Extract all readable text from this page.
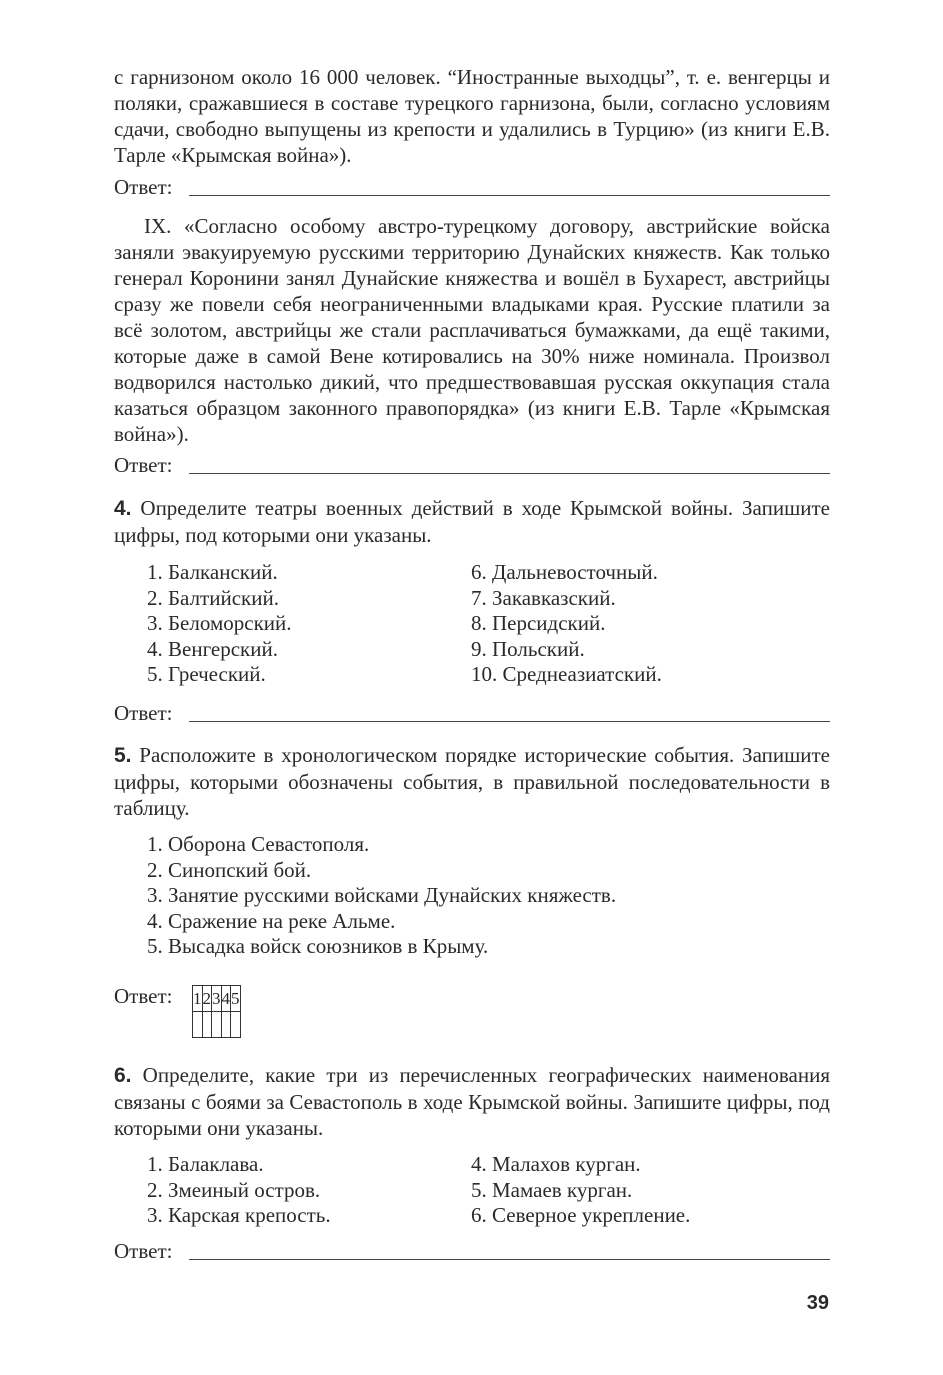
с гарнизоном около 16 000 человек. “Иностранные выходцы”, т. е. венгерцы и поляки, сражавшиеся в составе турецкого гарнизона, были, согласно условиям сдачи, свободно выпущены из крепости и удалились в Турцию» (из книги Е.В. Тарле «Крымская война»).

Ответ:

IX. «Согласно особому австро-турецкому договору, австрийские войска заняли эвакуируемую русскими территорию Дунайских княжеств. Как только генерал Коронини занял Дунайские княжества и вошёл в Бухарест, австрийцы сразу же повели себя неограниченными владыками края. Русские платили за всё золотом, австрийцы же стали расплачиваться бумажками, да ещё такими, которые даже в самой Вене котировались на 30% ниже номинала. Произвол водворился настолько дикий, что предшествовавшая русская оккупация стала казаться образцом законного правопорядка» (из книги Е.В. Тарле «Крымская война»).

Ответ:

4. Определите театры военных действий в ходе Крымской войны. Запишите цифры, под которыми они указаны.

1. Балканский.
2. Балтийский.
3. Беломорский.
4. Венгерский.
5. Греческий.
6. Дальневосточный.
7. Закавказский.
8. Персидский.
9. Польский.
10. Среднеазиатский.
Ответ:

5. Расположите в хронологическом порядке исторические события. Запишите цифры, которыми обозначены события, в правильной последовательности в таблицу.

1. Оборона Севастополя.
2. Синопский бой.
3. Занятие русскими войсками Дунайских княжеств.
4. Сражение на реке Альме.
5. Высадка войск союзников в Крыму.
Ответ: 1	2	3	4	5

6. Определите, какие три из перечисленных географических наименования связаны с боями за Севастополь в ходе Крымской войны. Запишите цифры, под которыми они указаны.

1. Балаклава.
2. Змеиный остров.
3. Карская крепость.
4. Малахов курган.
5. Мамаев курган.
6. Северное укрепление.
Ответ:
39
